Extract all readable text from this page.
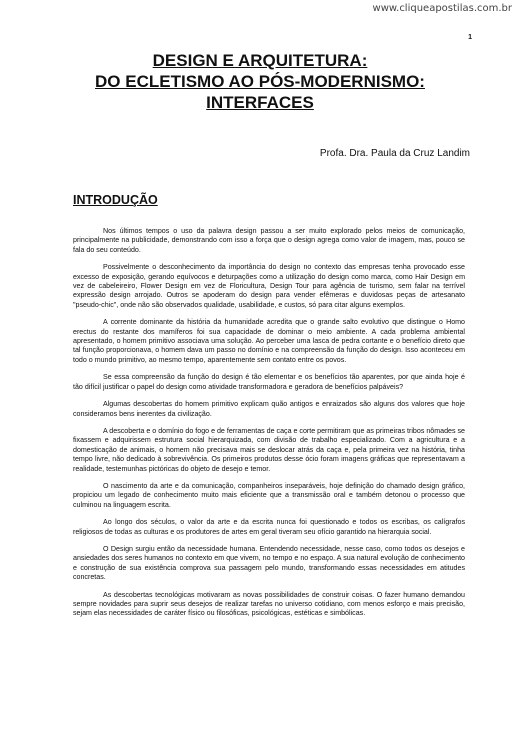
www.cliqueapostilas.com.br
1
DESIGN E ARQUITETURA:
DO ECLETISMO AO PÓS-MODERNISMO:
INTERFACES
Profa. Dra. Paula da Cruz Landim
INTRODUÇÃO

Nos últimos tempos o uso da palavra design passou a ser muito explorado pelos meios de comunicação, principalmente na publicidade, demonstrando com isso a força que o design agrega como valor de imagem, mas, pouco se fala do seu conteúdo.

Possivelmente o desconhecimento da importância do design no contexto das empresas tenha provocado esse excesso de exposição, gerando equívocos e deturpações como a utilização do design como marca, como Hair Design em vez de cabeleireiro, Flower Design em vez de Floricultura, Design Tour para agência de turismo, sem falar na terrível expressão design arrojado. Outros se apoderam do design para vender efêmeras e duvidosas peças de artesanato "pseudo-chic", onde não são observados qualidade, usabilidade, e custos, só para citar alguns exemplos.

A corrente dominante da história da humanidade acredita que o grande salto evolutivo que distingue o Homo erectus do restante dos mamíferos foi sua capacidade de dominar o meio ambiente. A cada problema ambiental apresentado, o homem primitivo associava uma solução. Ao perceber uma lasca de pedra cortante e o benefício direto que tal função proporcionava, o homem dava um passo no domínio e na compreensão da função do design. Isso aconteceu em todo o mundo primitivo, ao mesmo tempo, aparentemente sem contato entre os povos.

Se essa compreensão da função do design é tão elementar e os benefícios tão aparentes, por que ainda hoje é tão difícil justificar o papel do design como atividade transformadora e geradora de benefícios palpáveis?

Algumas descobertas do homem primitivo explicam quão antigos e enraizados são alguns dos valores que hoje consideramos bens inerentes da civilização.

A descoberta e o domínio do fogo e de ferramentas de caça e corte permitiram que as primeiras tribos nômades se fixassem e adquirissem estrutura social hierarquizada, com divisão de trabalho especializado. Com a agricultura e a domesticação de animais, o homem não precisava mais se deslocar atrás da caça e, pela primeira vez na história, tinha tempo livre, não dedicado à sobrevivência. Os primeiros produtos desse ócio foram imagens gráficas que representavam a realidade, testemunhas pictóricas do objeto de desejo e temor.

O nascimento da arte e da comunicação, companheiros inseparáveis, hoje definição do chamado design gráfico, propiciou um legado de conhecimento muito mais eficiente que a transmissão oral e também detonou o processo que culminou na linguagem escrita.

Ao longo dos séculos, o valor da arte e da escrita nunca foi questionado e todos os escribas, os calígrafos religiosos de todas as culturas e os produtores de artes em geral tiveram seu ofício garantido na hierarquia social.

O Design surgiu então da necessidade humana. Entendendo necessidade, nesse caso, como todos os desejos e ansiedades dos seres humanos no contexto em que vivem, no tempo e no espaço. A sua natural evolução de conhecimento e construção de sua existência comprova sua passagem pelo mundo, transformando essas necessidades em atitudes concretas.

As descobertas tecnológicas motivaram as novas possibilidades de construir coisas. O fazer humano demandou sempre novidades para suprir seus desejos de realizar tarefas no universo cotidiano, com menos esforço e mais precisão, sejam elas necessidades de caráter físico ou filosóficas, psicológicas, estéticas e simbólicas.
